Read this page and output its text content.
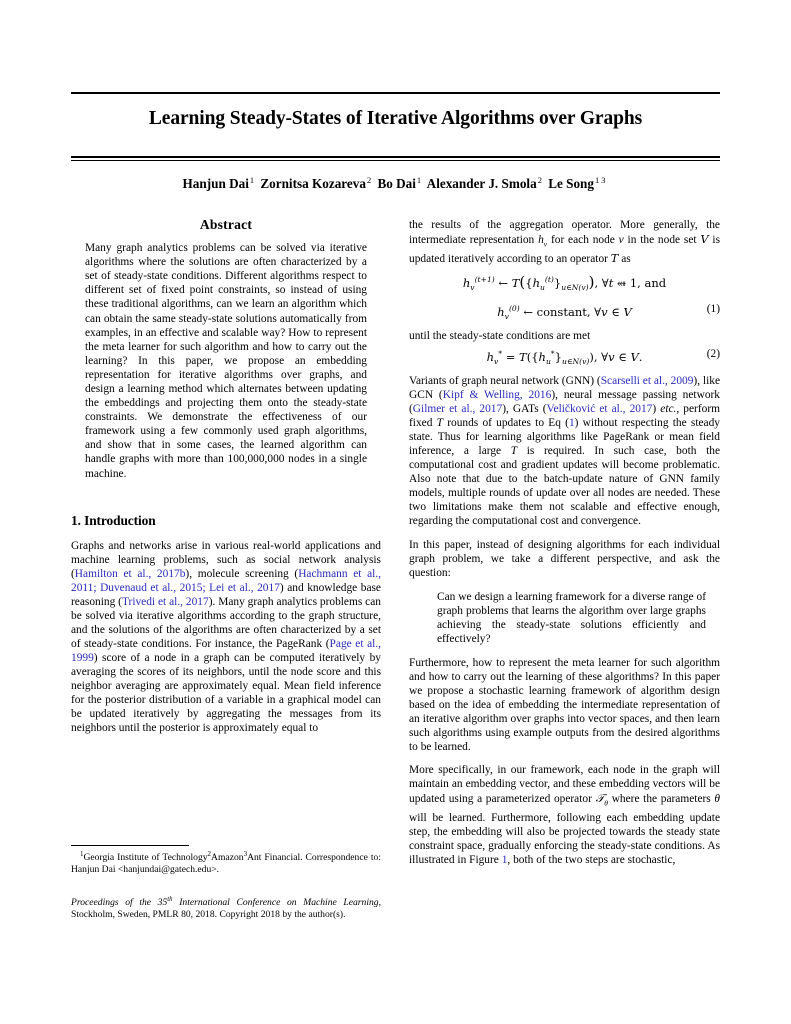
Learning Steady-States of Iterative Algorithms over Graphs
Hanjun Dai$^1$ Zornitsa Kozareva$^2$ Bo Dai$^1$ Alexander J. Smola$^2$ Le Song$^{1 3}$
Abstract

Many graph analytics problems can be solved via iterative algorithms where the solutions are often characterized by a set of steady-state conditions. Different algorithms respect to different set of fixed point constraints, so instead of using these traditional algorithms, can we learn an algorithm which can obtain the same steady-state solutions automatically from examples, in an effective and scalable way? How to represent the meta learner for such algorithm and how to carry out the learning? In this paper, we propose an embedding representation for iterative algorithms over graphs, and design a learning method which alternates between updating the embeddings and projecting them onto the steady-state constraints. We demonstrate the effectiveness of our framework using a few commonly used graph algorithms, and show that in some cases, the learned algorithm can handle graphs with more than 100,000,000 nodes in a single machine.

1. Introduction

Graphs and networks arise in various real-world applications and machine learning problems, such as social network analysis (Hamilton et al., 2017b), molecule screening (Hachmann et al., 2011; Duvenaud et al., 2015; Lei et al., 2017) and knowledge base reasoning (Trivedi et al., 2017). Many graph analytics problems can be solved via iterative algorithms according to the graph structure, and the solutions of the algorithms are often characterized by a set of steady-state conditions. For instance, the PageRank (Page et al., 1999) score of a node in a graph can be computed iteratively by averaging the scores of its neighbors, until the node score and this neighbor averaging are approximately equal. Mean field inference for the posterior distribution of a variable in a graphical model can be updated iteratively by aggregating the messages from its neighbors until the posterior is approximately equal to

$^1$Georgia Institute of Technology$^2$Amazon$^3$Ant Financial. Correspondence to: Hanjun Dai <hanjundai@gatech.edu>.
Proceedings of the 35th International Conference on Machine Learning, Stockholm, Sweden, PMLR 80, 2018. Copyright 2018 by the author(s).

the results of the aggregation operator. More generally, the intermediate representation $h_v$ for each node v in the node set V is updated iteratively according to an operator T as

$h_v^{(t+1)}$ ← $T(\{h_u^{(t)}\}_{u\in N(v)})$, ∀t ⬵ 1, and
$h_v^{(0)}$ ← constant, ∀v ∈ V	(1)

until the steady-state conditions are met

$h_v^* = T(\{h_u^*\}_{u\in N(v)})$, ∀v ∈ V.	(2)

Variants of graph neural network (GNN) (Scarselli et al., 2009), like GCN (Kipf & Welling, 2016), neural message passing network (Gilmer et al., 2017), GATs (Veličković et al., 2017) etc., perform fixed T rounds of updates to Eq (1) without respecting the steady state. Thus for learning algorithms like PageRank or mean field inference, a large T is required. In such case, both the computational cost and gradient updates will become problematic. Also note that due to the batch-update nature of GNN family models, multiple rounds of update over all nodes are needed. These two limitations make them not scalable and effective enough, regarding the computational cost and convergence.

In this paper, instead of designing algorithms for each individual graph problem, we take a different perspective, and ask the question:

Can we design a learning framework for a diverse range of graph problems that learns the algorithm over large graphs achieving the steady-state solutions efficiently and effectively?

Furthermore, how to represent the meta learner for such algorithm and how to carry out the learning of these algorithms? In this paper we propose a stochastic learning framework of algorithm design based on the idea of embedding the intermediate representation of an iterative algorithm over graphs into vector spaces, and then learn such algorithms using example outputs from the desired algorithms to be learned.

More specifically, in our framework, each node in the graph will maintain an embedding vector, and these embedding vectors will be updated using a parameterized operator 𝒯$_\theta$ where the parameters θ will be learned. Furthermore, following each embedding update step, the embedding will also be projected towards the steady state constraint space, gradually enforcing the steady-state conditions. As illustrated in Figure 1, both of the two steps are stochastic,
